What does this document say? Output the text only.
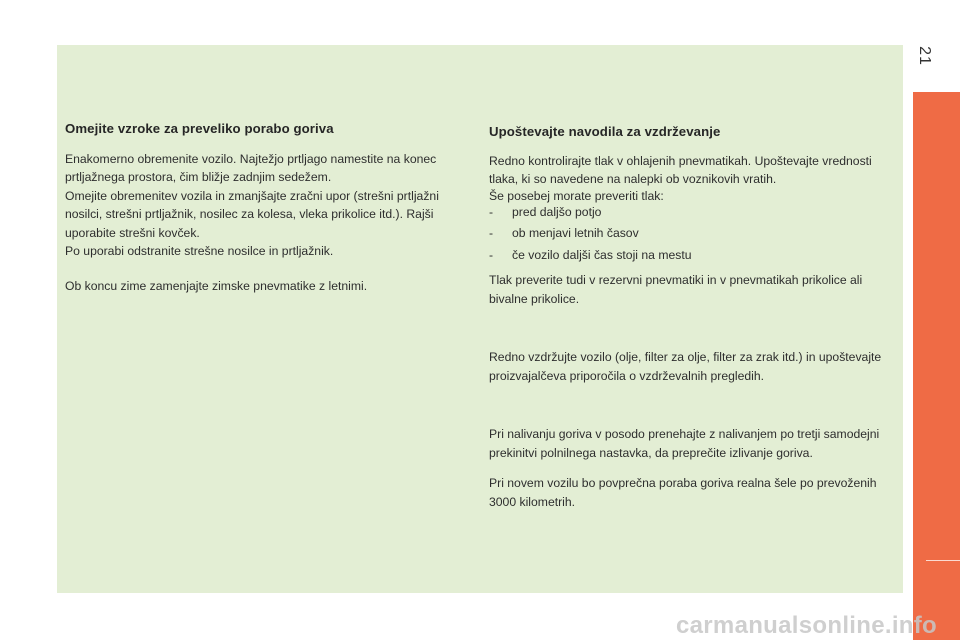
21
Omejite vzroke za preveliko porabo goriva

Enakomerno obremenite vozilo. Najtežjo prtljago namestite na konec prtljažnega prostora, čim bližje zadnjim sedežem.

Omejite obremenitev vozila in zmanjšajte zračni upor (strešni prtljažni nosilci, strešni prtljažnik, nosilec za kolesa, vleka prikolice itd.). Rajši uporabite strešni kovček.

Po uporabi odstranite strešne nosilce in prtljažnik.

Ob koncu zime zamenjajte zimske pnevmatike z letnimi.

Upoštevajte navodila za vzdrževanje

Redno kontrolirajte tlak v ohlajenih pnevmatikah. Upoštevajte vrednosti tlaka, ki so navedene na nalepki ob voznikovih vratih.

Še posebej morate preveriti tlak:

- pred daljšo potjo
- ob menjavi letnih časov
- če vozilo daljši čas stoji na mestu

Tlak preverite tudi v rezervni pnevmatiki in v pnevmatikah prikolice ali bivalne prikolice.

Redno vzdržujte vozilo (olje, filter za olje, filter za zrak itd.) in upoštevajte proizvajalčeva priporočila o vzdrževalnih pregledih.

Pri nalivanju goriva v posodo prenehajte z nalivanjem po tretji samodejni prekinitvi polnilnega nastavka, da preprečite izlivanje goriva.

Pri novem vozilu bo povprečna poraba goriva realna šele po prevoženih 3000 kilometrih.

carmanualsonline.info
